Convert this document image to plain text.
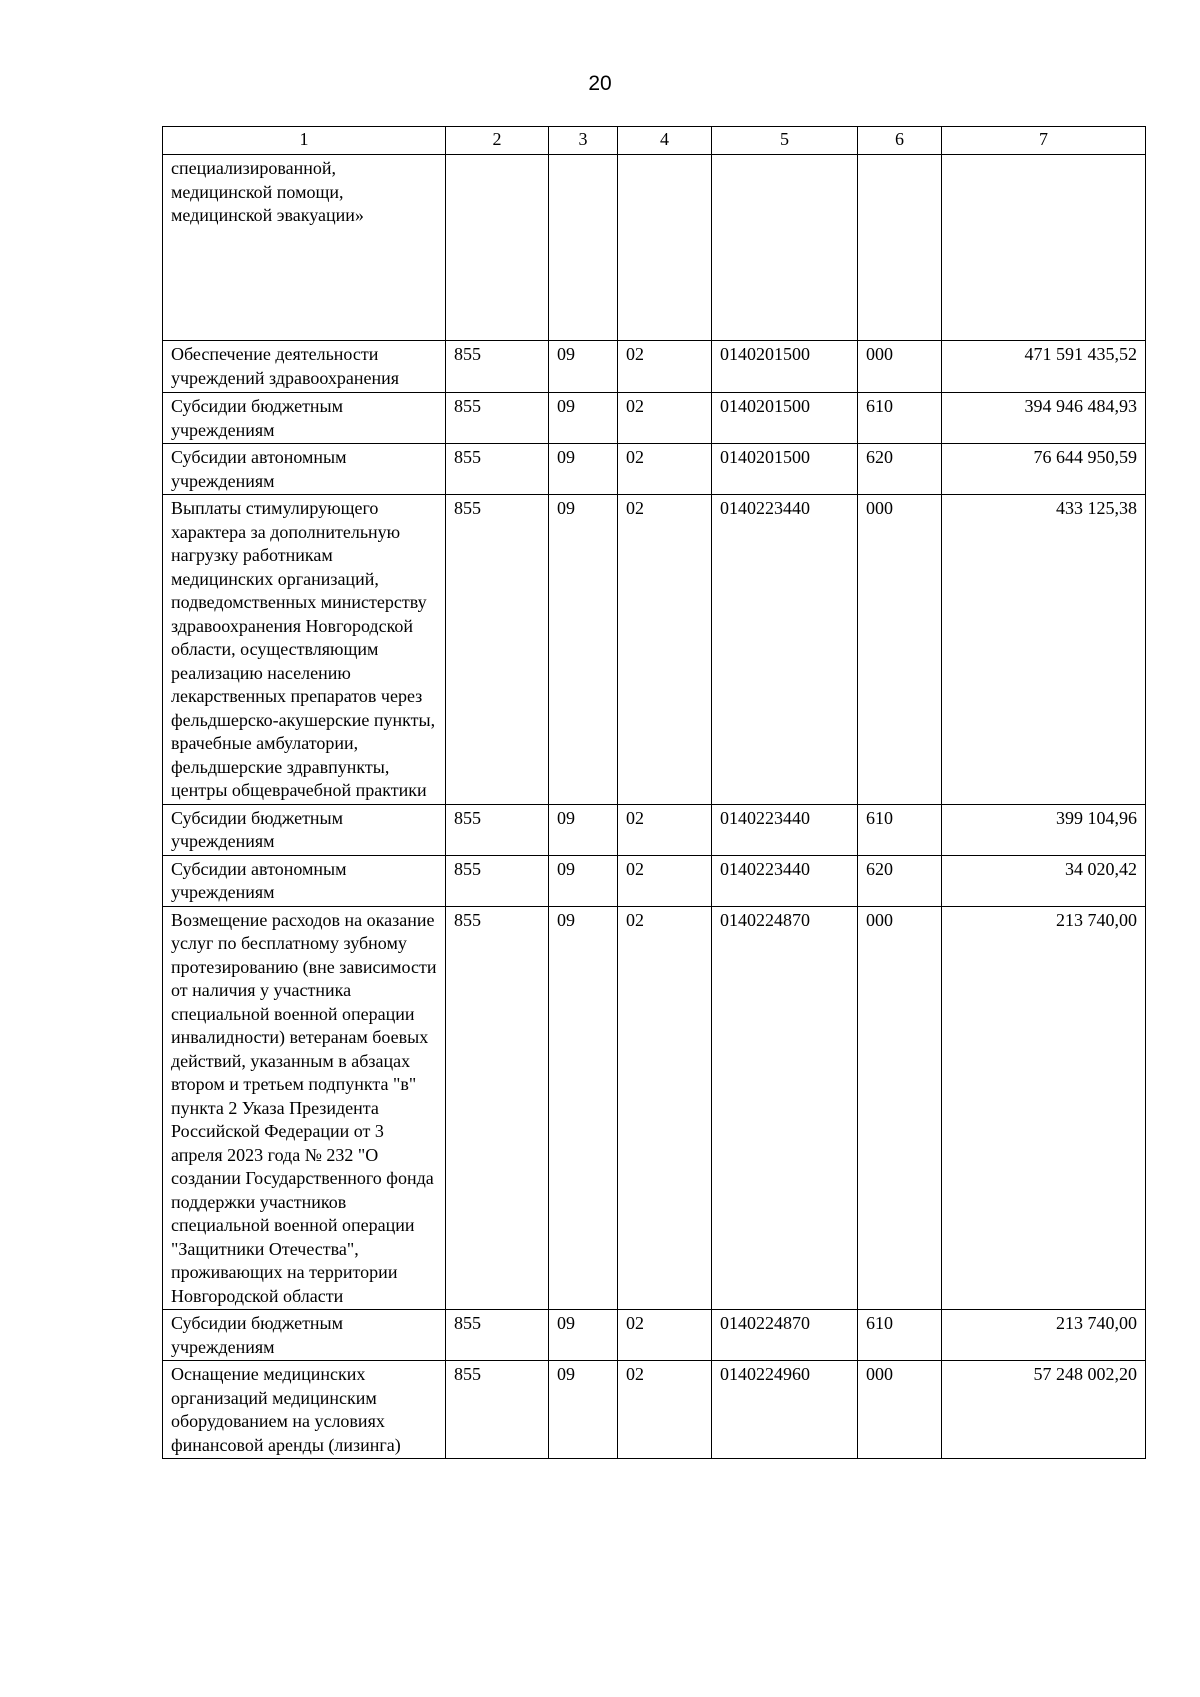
20
1	2	3	4	5	6	7
специализированной, медицинской помощи, медицинской эвакуации»						
Обеспечение деятельности учреждений здравоохранения	855	09	02	0140201500	000	471 591 435,52
Субсидии бюджетным учреждениям	855	09	02	0140201500	610	394 946 484,93
Субсидии автономным учреждениям	855	09	02	0140201500	620	76 644 950,59
Выплаты стимулирующего характера за дополнительную нагрузку работникам медицинских организаций, подведомственных министерству здравоохранения Новгородской области, осуществляющим реализацию населению лекарственных препаратов через фельдшерско-акушерские пункты, врачебные амбулатории, фельдшерские здравпункты, центры общеврачебной практики	855	09	02	0140223440	000	433 125,38
Субсидии бюджетным учреждениям	855	09	02	0140223440	610	399 104,96
Субсидии автономным учреждениям	855	09	02	0140223440	620	34 020,42
Возмещение расходов на оказание услуг по бесплатному зубному протезированию (вне зависимости от наличия у участника специальной военной операции инвалидности) ветеранам боевых действий, указанным в абзацах втором и третьем подпункта "в" пункта 2 Указа Президента Российской Федерации от 3 апреля 2023 года № 232 "О создании Государственного фонда поддержки участников специальной военной операции "Защитники Отечества", проживающих на территории Новгородской области	855	09	02	0140224870	000	213 740,00
Субсидии бюджетным учреждениям	855	09	02	0140224870	610	213 740,00
Оснащение медицинских организаций медицинским оборудованием на условиях финансовой аренды (лизинга)	855	09	02	0140224960	000	57 248 002,20
